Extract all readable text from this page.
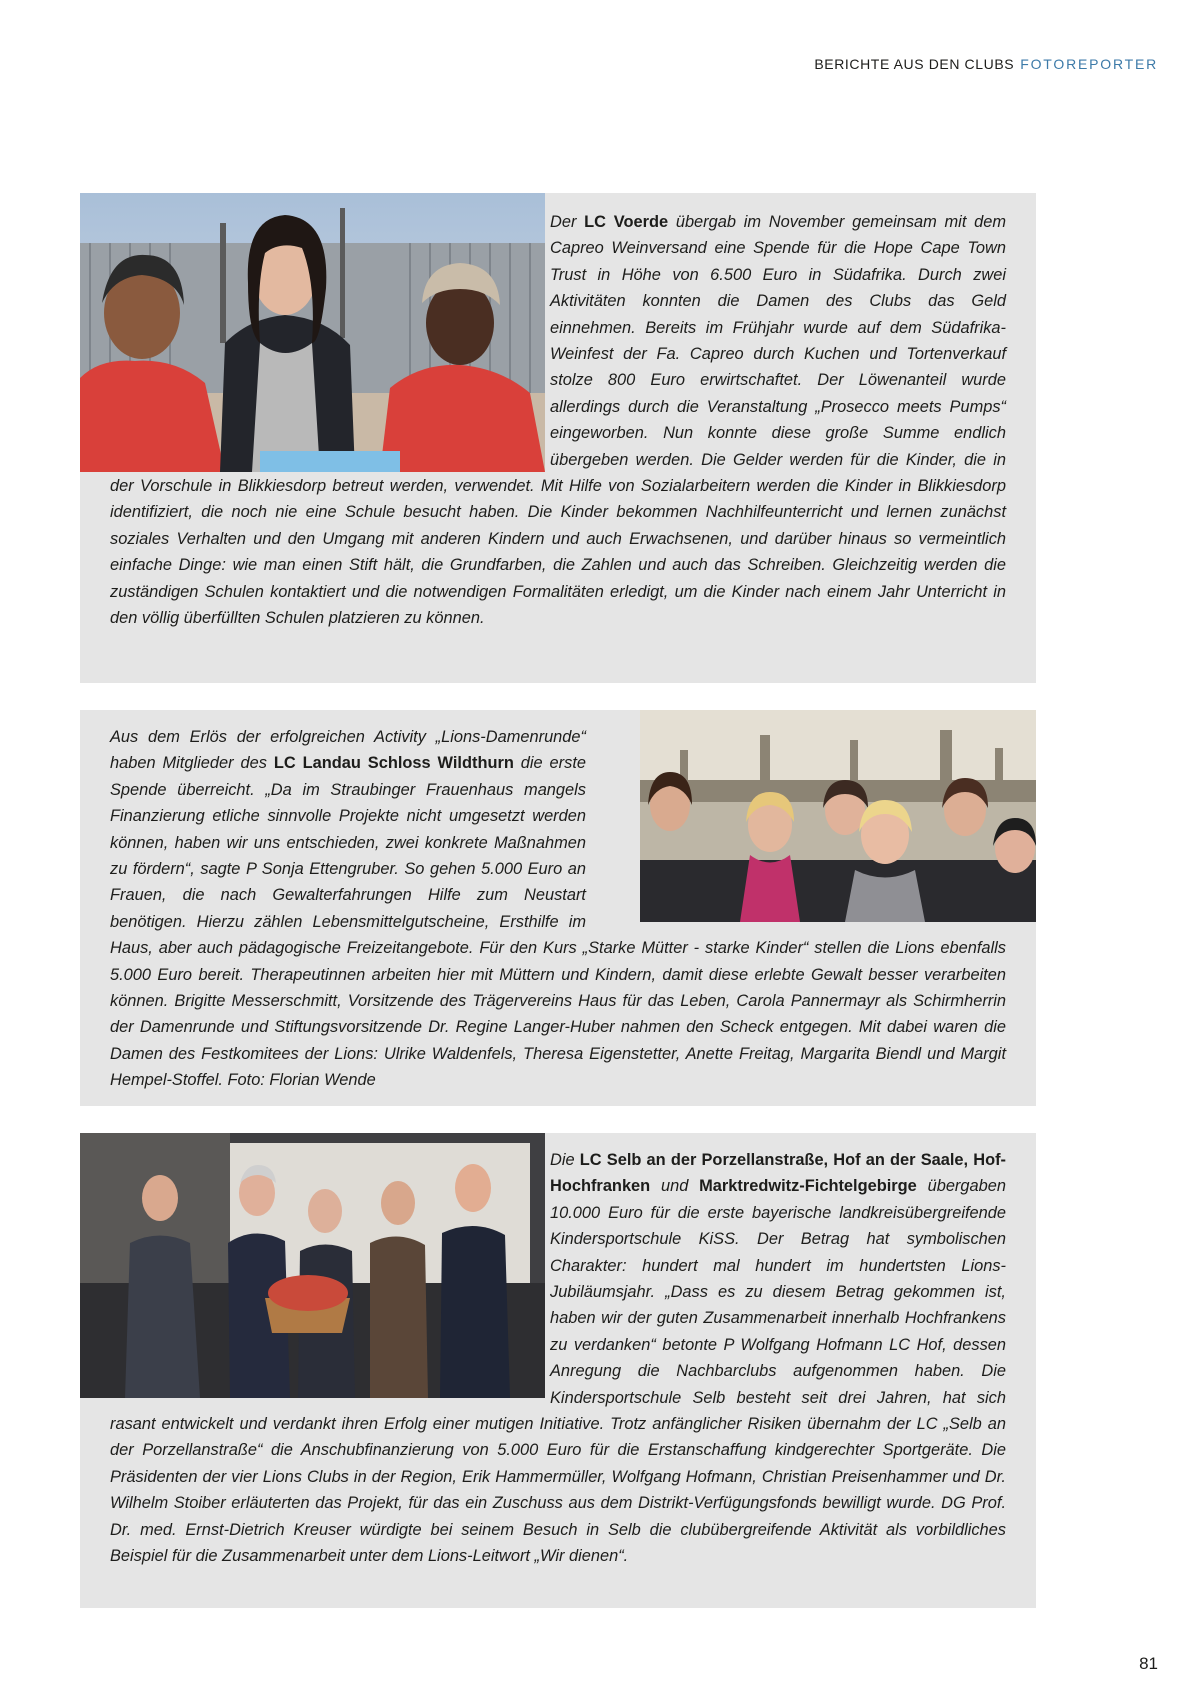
BERICHTE AUS DEN CLUBS FOTOREPORTER
Der LC Voerde übergab im November gemeinsam mit dem Capreo Weinversand eine Spende für die Hope Cape Town Trust in Höhe von 6.500 Euro in Südafrika. Durch zwei Aktivitäten konnten die Damen des Clubs das Geld einnehmen. Bereits im Frühjahr wurde auf dem Südafrika-Weinfest der Fa. Capreo durch Kuchen und Tortenverkauf stolze 800 Euro erwirtschaftet. Der Löwenanteil wurde allerdings durch die Veranstaltung „Prosecco meets Pumps“ eingeworben. Nun konnte diese große Summe endlich übergeben werden. Die Gelder werden für die Kinder, die in der Vorschule in Blikkiesdorp betreut werden, verwendet. Mit Hilfe von Sozialarbeitern werden die Kinder in Blikkiesdorp identifiziert, die noch nie eine Schule besucht haben. Die Kinder bekommen Nachhilfeunterricht und lernen zunächst soziales Verhalten und den Umgang mit anderen Kindern und auch Erwachsenen, und darüber hinaus so vermeintlich einfache Dinge: wie man einen Stift hält, die Grundfarben, die Zahlen und auch das Schreiben. Gleichzeitig werden die zuständigen Schulen kontaktiert und die notwendigen Formalitäten erledigt, um die Kinder nach einem Jahr Unterricht in den völlig überfüllten Schulen platzieren zu können.
Aus dem Erlös der erfolgreichen Activity „Lions-Damenrunde“ haben Mitglieder des LC Landau Schloss Wildthurn die erste Spende überreicht. „Da im Straubinger Frauenhaus mangels Finanzierung etliche sinnvolle Projekte nicht umgesetzt werden können, haben wir uns entschieden, zwei konkrete Maßnahmen zu fördern“, sagte P Sonja Ettengruber. So gehen 5.000 Euro an Frauen, die nach Gewalterfahrungen Hilfe zum Neustart benötigen. Hierzu zählen Lebensmittelgutscheine, Ersthilfe im Haus, aber auch pädagogische Freizeitangebote. Für den Kurs „Starke Mütter - starke Kinder“ stellen die Lions ebenfalls 5.000 Euro bereit. Therapeutinnen arbeiten hier mit Müttern und Kindern, damit diese erlebte Gewalt besser verarbeiten können. Brigitte Messerschmitt, Vorsitzende des Trägervereins Haus für das Leben, Carola Pannermayr als Schirmherrin der Damenrunde und Stiftungsvorsitzende Dr. Regine Langer-Huber nahmen den Scheck entgegen. Mit dabei waren die Damen des Festkomitees der Lions: Ulrike Waldenfels, Theresa Eigenstetter, Anette Freitag, Margarita Biendl und Margit Hempel-Stoffel. Foto: Florian Wende
Die LC Selb an der Porzellanstraße, Hof an der Saale, Hof-Hochfranken und Marktredwitz-Fichtelgebirge übergaben 10.000 Euro für die erste bayerische landkreisübergreifende Kindersportschule KiSS. Der Betrag hat symbolischen Charakter: hundert mal hundert im hundertsten Lions-Jubiläumsjahr. „Dass es zu diesem Betrag gekommen ist, haben wir der guten Zusammenarbeit innerhalb Hochfrankens zu verdanken“ betonte P Wolfgang Hofmann LC Hof, dessen Anregung die Nachbarclubs aufgenommen haben. Die Kindersportschule Selb besteht seit drei Jahren, hat sich rasant entwickelt und verdankt ihren Erfolg einer mutigen Initiative. Trotz anfänglicher Risiken übernahm der LC „Selb an der Porzellanstraße“ die Anschubfinanzierung von 5.000 Euro für die Erstanschaffung kindgerechter Sportgeräte. Die Präsidenten der vier Lions Clubs in der Region, Erik Hammermüller, Wolfgang Hofmann, Christian Preisenhammer und Dr. Wilhelm Stoiber erläuterten das Projekt, für das ein Zuschuss aus dem Distrikt-Verfügungsfonds bewilligt wurde. DG Prof. Dr. med. Ernst-Dietrich Kreuser würdigte bei seinem Besuch in Selb die clubübergreifende Aktivität als vorbildliches Beispiel für die Zusammenarbeit unter dem Lions-Leitwort „Wir dienen“.
81
